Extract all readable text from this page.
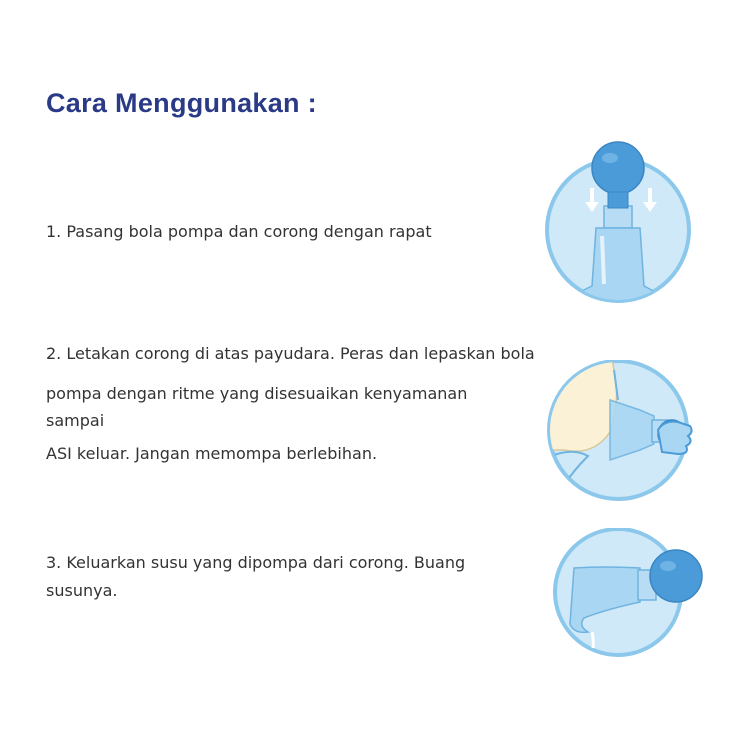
Cara Menggunakan :

1. Pasang bola pompa dan corong dengan rapat

2. Letakan corong di atas payudara. Peras dan lepaskan bola

pompa dengan ritme yang disesuaikan kenyamanan

sampai

ASI keluar. Jangan memompa berlebihan.

3. Keluarkan susu yang dipompa dari corong. Buang

susunya.
